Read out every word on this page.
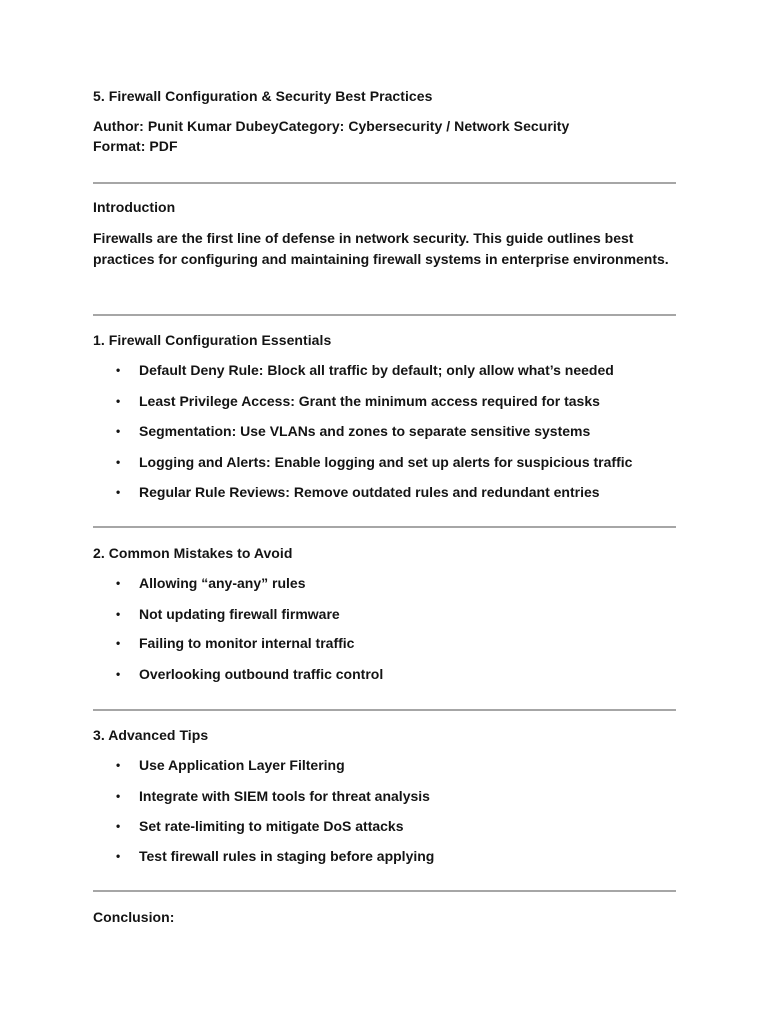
5. Firewall Configuration & Security Best Practices
Author: Punit Kumar DubeyCategory: Cybersecurity / Network Security
Format: PDF
Introduction
Firewalls are the first line of defense in network security. This guide outlines best practices for configuring and maintaining firewall systems in enterprise environments.
1. Firewall Configuration Essentials
• Default Deny Rule: Block all traffic by default; only allow what’s needed
• Least Privilege Access: Grant the minimum access required for tasks
• Segmentation: Use VLANs and zones to separate sensitive systems
• Logging and Alerts: Enable logging and set up alerts for suspicious traffic
• Regular Rule Reviews: Remove outdated rules and redundant entries
2. Common Mistakes to Avoid
• Allowing “any-any” rules
• Not updating firewall firmware
• Failing to monitor internal traffic
• Overlooking outbound traffic control
3. Advanced Tips
• Use Application Layer Filtering
• Integrate with SIEM tools for threat analysis
• Set rate-limiting to mitigate DoS attacks
• Test firewall rules in staging before applying
Conclusion:
